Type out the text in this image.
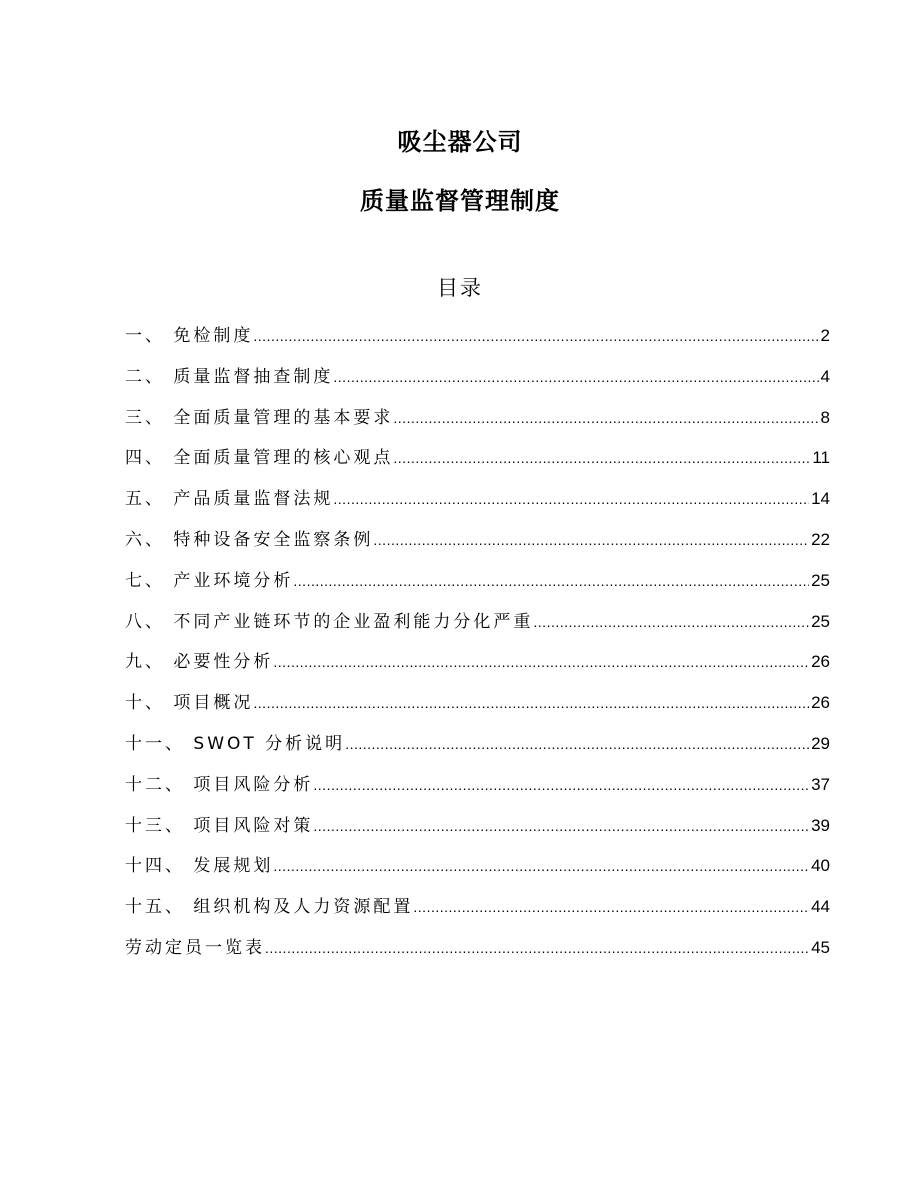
吸尘器公司
质量监督管理制度
目录
一、 免检制度 .....	2
二、 质量监督抽查制度 .....	4
三、 全面质量管理的基本要求 .....	8
四、 全面质量管理的核心观点 .....	11
五、 产品质量监督法规 .....	14
六、 特种设备安全监察条例 .....	22
七、 产业环境分析 .....	25
八、 不同产业链环节的企业盈利能力分化严重 .....	25
九、 必要性分析 .....	26
十、 项目概况 .....	26
十一、 SWOT 分析说明 .....	29
十二、 项目风险分析 .....	37
十三、 项目风险对策 .....	39
十四、 发展规划 .....	40
十五、 组织机构及人力资源配置 .....	44
劳动定员一览表 .....	45
